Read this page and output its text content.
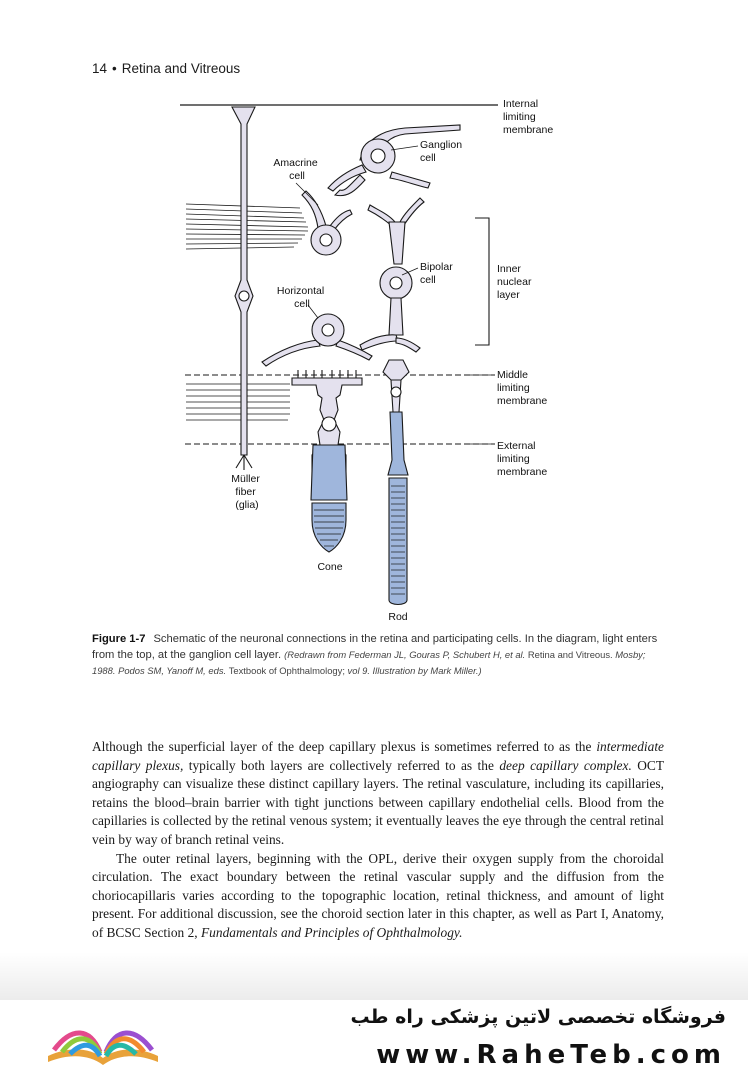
14 • Retina and Vitreous
Internal limiting membrane
Ganglion cell
Amacrine cell
Inner nuclear layer
Bipolar cell
Horizontal cell
Middle limiting membrane
External limiting membrane
Müller fiber (glia)
Cone
Rod
Figure 1-7 Schematic of the neuronal connections in the retina and participating cells. In the diagram, light enters from the top, at the ganglion cell layer. (Redrawn from Federman JL, Gouras P, Schubert H, et al. Retina and Vitreous. Mosby; 1988. Podos SM, Yanoff M, eds. Textbook of Ophthalmology; vol 9. Illustration by Mark Miller.)

Although the superficial layer of the deep capillary plexus is sometimes referred to as the intermediate capillary plexus, typically both layers are collectively referred to as the deep capillary complex. OCT angiography can visualize these distinct capillary layers. The retinal vasculature, including its capillaries, retains the blood–brain barrier with tight junctions between capillary endothelial cells. Blood from the capillaries is collected by the retinal venous system; it eventually leaves the eye through the central retinal vein by way of branch retinal veins.

The outer retinal layers, beginning with the OPL, derive their oxygen supply from the choroidal circulation. The exact boundary between the retinal vascular supply and the diffusion from the choriocapillaris varies according to the topographic location, retinal thickness, and amount of light present. For additional discussion, see the choroid section later in this chapter, as well as Part I, Anatomy, of BCSC Section 2, Fundamentals and Principles of Ophthalmology.

فروشگاه تخصصی لاتین پزشکی راه طب
www.RaheTeb.com
